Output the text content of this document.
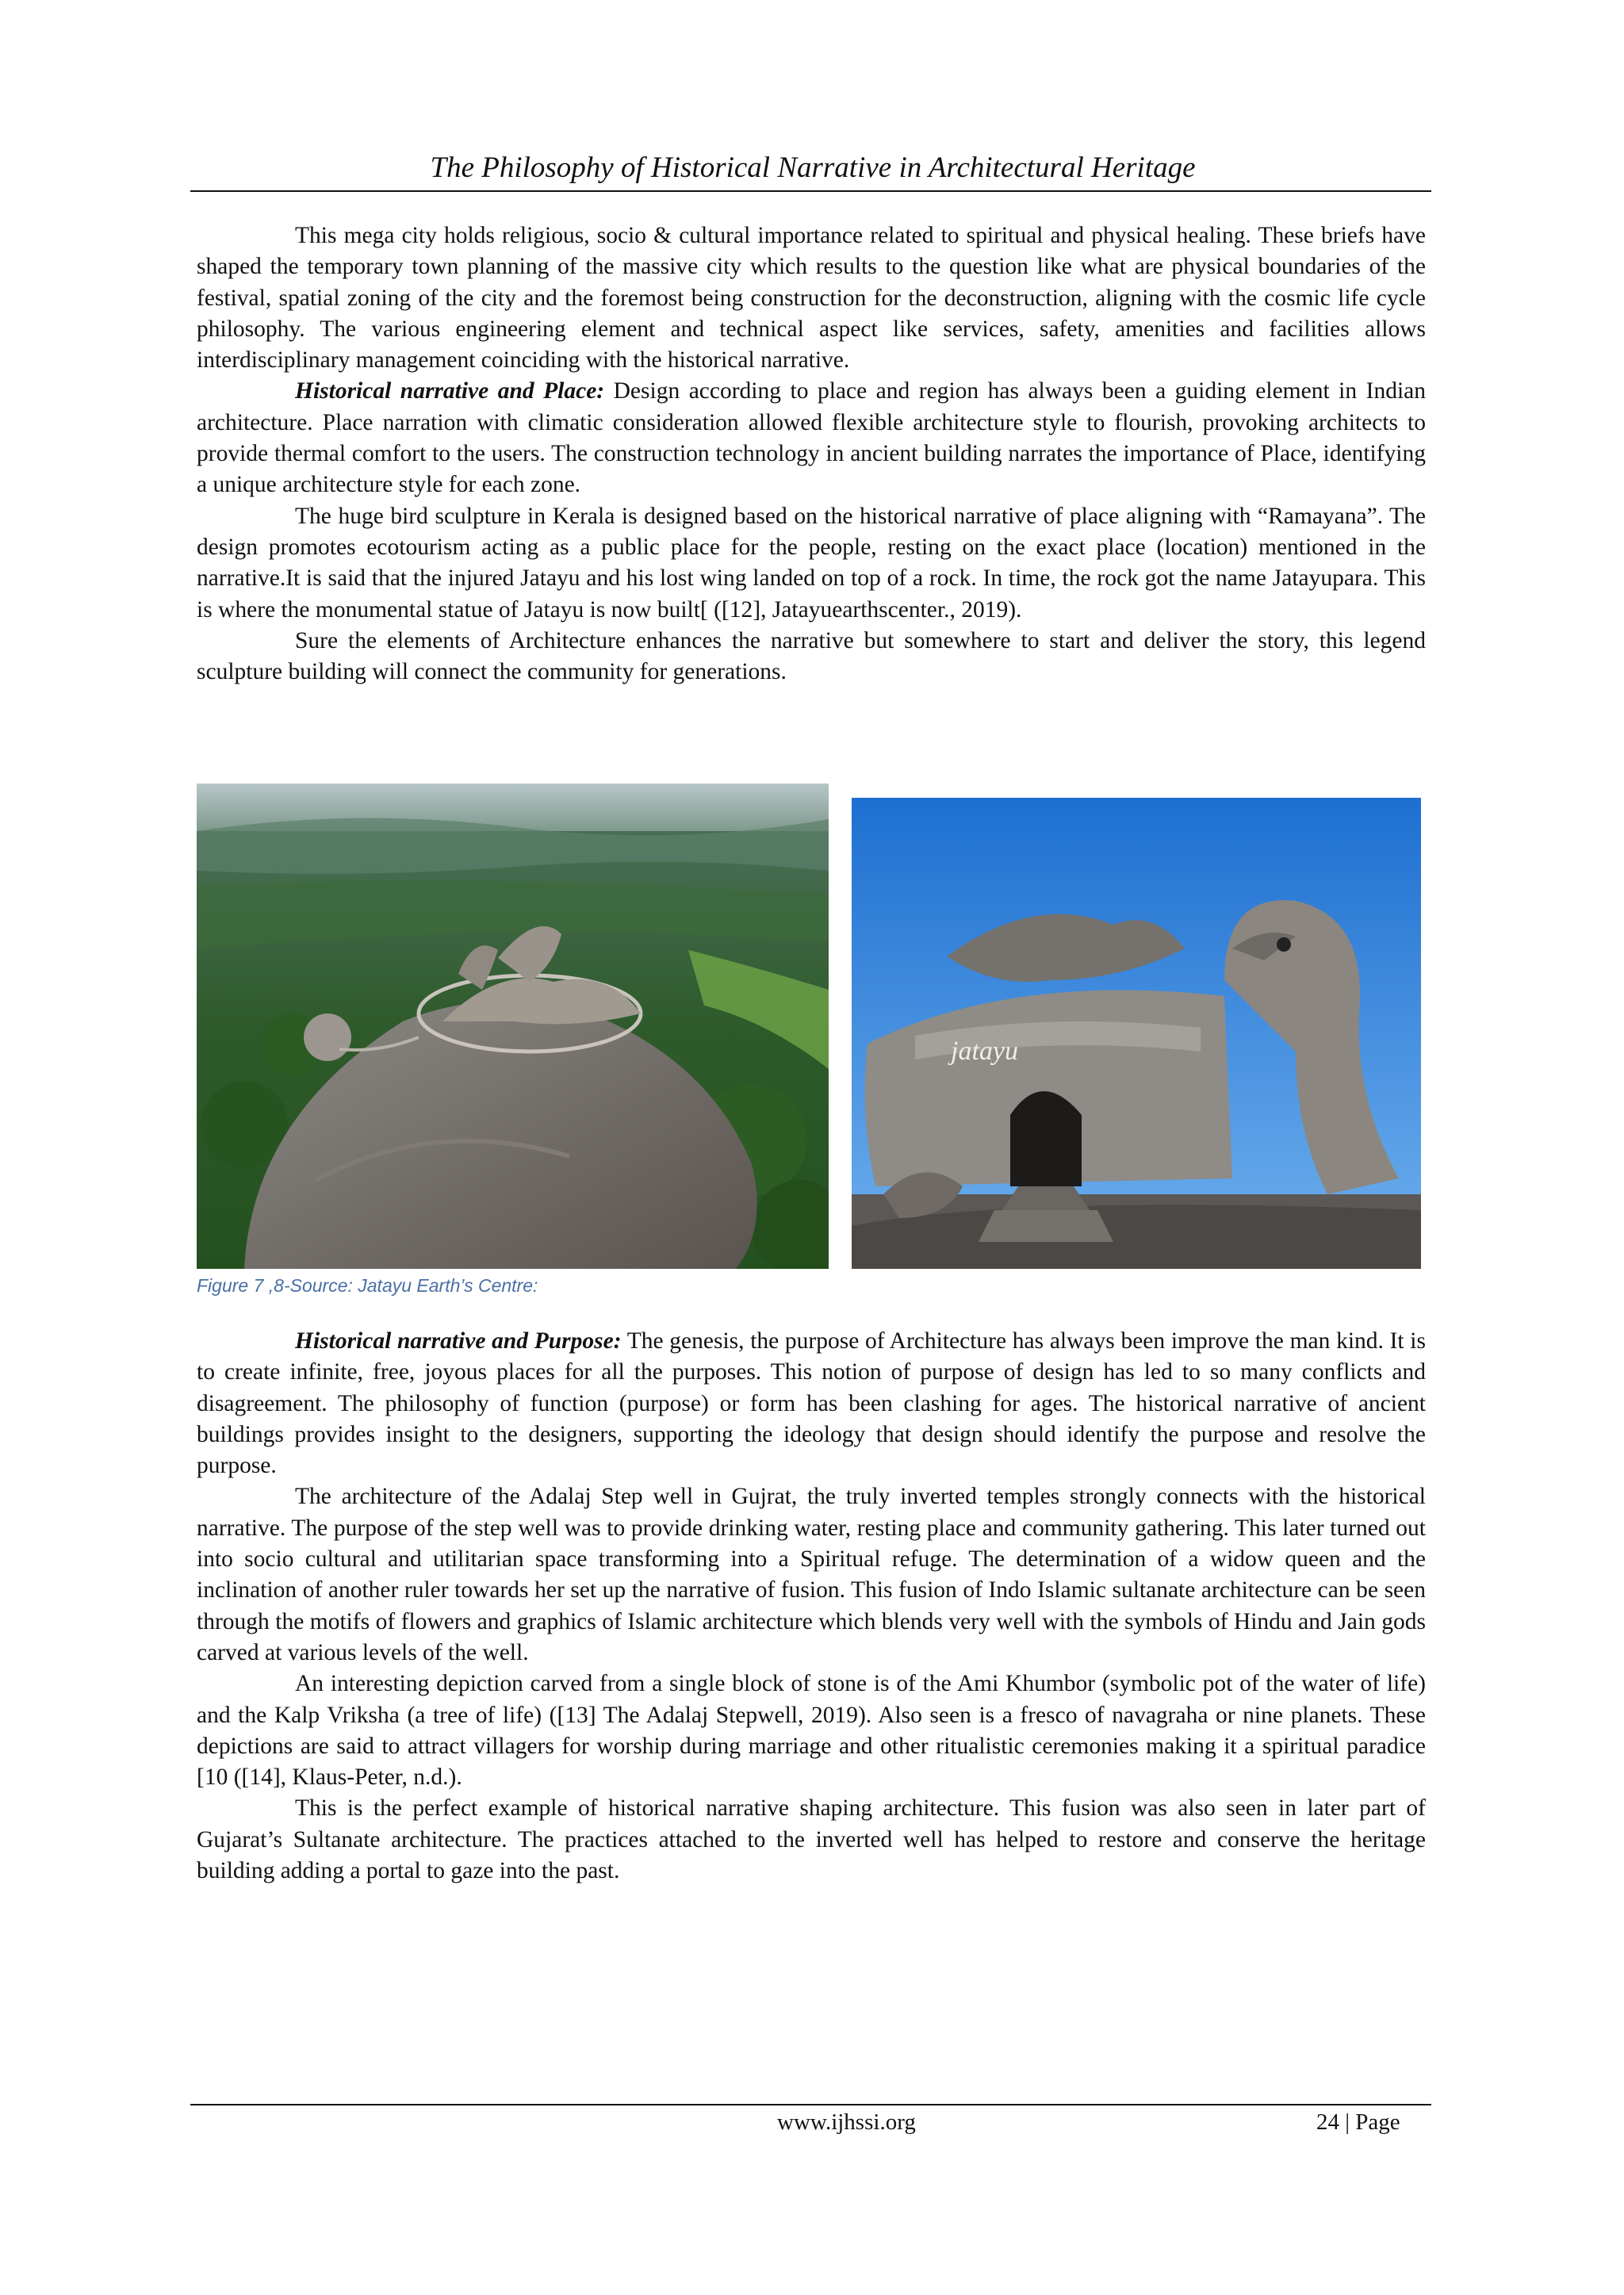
The Philosophy of Historical Narrative in Architectural Heritage

This mega city holds religious, socio & cultural importance related to spiritual and physical healing. These briefs have shaped the temporary town planning of the massive city which results to the question like what are physical boundaries of the festival, spatial zoning of the city and the foremost being construction for the deconstruction, aligning with the cosmic life cycle philosophy. The various engineering element and technical aspect like services, safety, amenities and facilities allows interdisciplinary management coinciding with the historical narrative.

Historical narrative and Place: Design according to place and region has always been a guiding element in Indian architecture. Place narration with climatic consideration allowed flexible architecture style to flourish, provoking architects to provide thermal comfort to the users. The construction technology in ancient building narrates the importance of Place, identifying a unique architecture style for each zone.

The huge bird sculpture in Kerala is designed based on the historical narrative of place aligning with “Ramayana”. The design promotes ecotourism acting as a public place for the people, resting on the exact place (location) mentioned in the narrative.It is said that the injured Jatayu and his lost wing landed on top of a rock. In time, the rock got the name Jatayupara. This is where the monumental statue of Jatayu is now built[ ([12], Jatayuearthscenter., 2019).

Sure the elements of Architecture enhances the narrative but somewhere to start and deliver the story, this legend sculpture building will connect the community for generations.

jatayu
Figure 7 ,8-Source: Jatayu Earth’s Centre:

Historical narrative and Purpose: The genesis, the purpose of Architecture has always been improve the man kind. It is to create infinite, free, joyous places for all the purposes. This notion of purpose of design has led to so many conflicts and disagreement. The philosophy of function (purpose) or form has been clashing for ages. The historical narrative of ancient buildings provides insight to the designers, supporting the ideology that design should identify the purpose and resolve the purpose.

The architecture of the Adalaj Step well in Gujrat, the truly inverted temples strongly connects with the historical narrative. The purpose of the step well was to provide drinking water, resting place and community gathering. This later turned out into socio cultural and utilitarian space transforming into a Spiritual refuge. The determination of a widow queen and the inclination of another ruler towards her set up the narrative of fusion. This fusion of Indo Islamic sultanate architecture can be seen through the motifs of flowers and graphics of Islamic architecture which blends very well with the symbols of Hindu and Jain gods carved at various levels of the well.

An interesting depiction carved from a single block of stone is of the Ami Khumbor (symbolic pot of the water of life) and the Kalp Vriksha (a tree of life) ([13] The Adalaj Stepwell, 2019). Also seen is a fresco of navagraha or nine planets. These depictions are said to attract villagers for worship during marriage and other ritualistic ceremonies making it a spiritual paradice [10 ([14], Klaus-Peter, n.d.).

This is the perfect example of historical narrative shaping architecture. This fusion was also seen in later part of Gujarat’s Sultanate architecture. The practices attached to the inverted well has helped to restore and conserve the heritage building adding a portal to gaze into the past.

www.ijhssi.org	24 | Page
